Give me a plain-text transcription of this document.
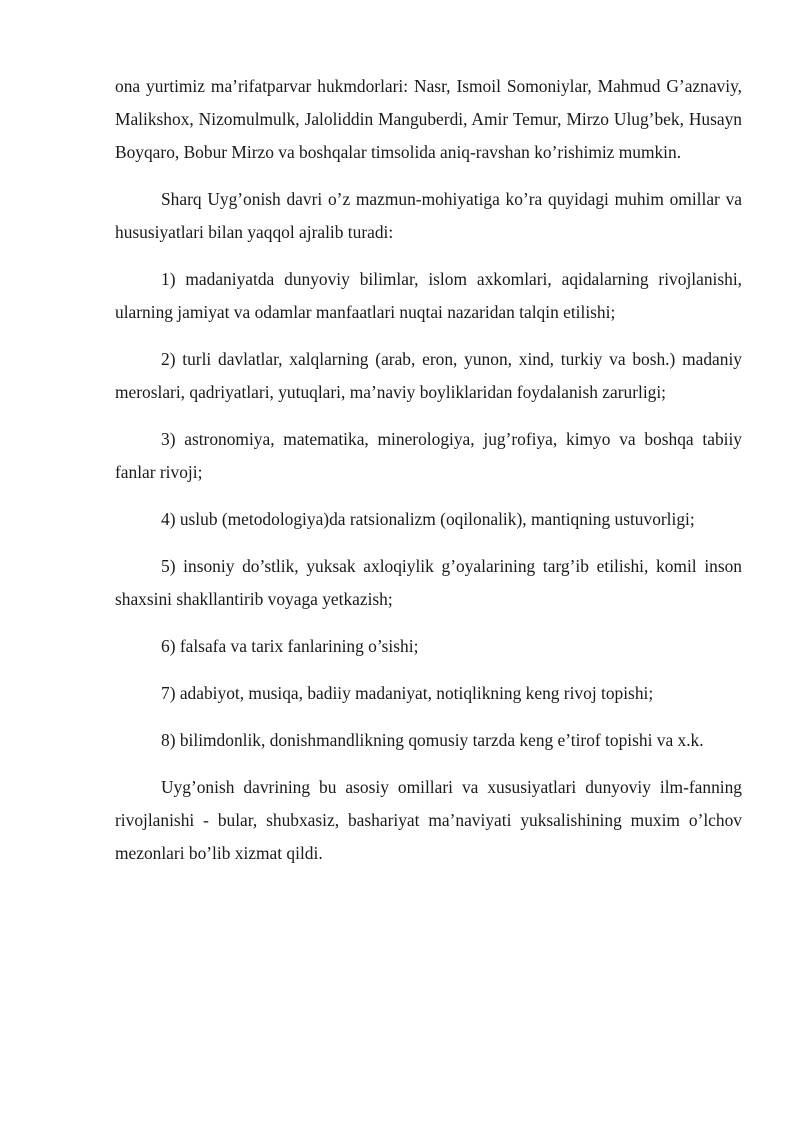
ona yurtimiz ma’rifatparvar hukmdorlari: Nasr, Ismoil Somoniylar, Mahmud G’aznaviy, Malikshox, Nizomulmulk, Jaloliddin Manguberdi, Amir Temur, Mirzo Ulug’bek, Husayn Boyqaro, Bobur Mirzo va boshqalar timsolida aniq-ravshan ko’rishimiz mumkin.

Sharq Uyg’onish davri o’z mazmun-mohiyatiga ko’ra quyidagi muhim omillar va hususiyatlari bilan yaqqol ajralib turadi:

1) madaniyatda dunyoviy bilimlar, islom axkomlari, aqidalarning rivojlanishi, ularning jamiyat va odamlar manfaatlari nuqtai nazaridan talqin etilishi;

2) turli davlatlar, xalqlarning (arab, eron, yunon, xind, turkiy va bosh.) madaniy meroslari, qadriyatlari, yutuqlari, ma’naviy boyliklaridan foydalanish zarurligi;

3) astronomiya, matematika, minerologiya, jug’rofiya, kimyo va boshqa tabiiy fanlar rivoji;

4) uslub (metodologiya)da ratsionalizm (oqilonalik), mantiqning ustuvorligi;

5) insoniy do’stlik, yuksak axloqiylik g’oyalarining targ’ib etilishi, komil inson shaxsini shakllantirib voyaga yetkazish;

6) falsafa va tarix fanlarining o’sishi;

7) adabiyot, musiqa, badiiy madaniyat, notiqlikning keng rivoj topishi;

8) bilimdonlik, donishmandlikning qomusiy tarzda keng e’tirof topishi va x.k.

Uyg’onish davrining bu asosiy omillari va xususiyatlari dunyoviy ilm-fanning rivojlanishi - bular, shubxasiz, bashariyat ma’naviyati yuksalishining muxim o’lchov mezonlari bo’lib xizmat qildi.
